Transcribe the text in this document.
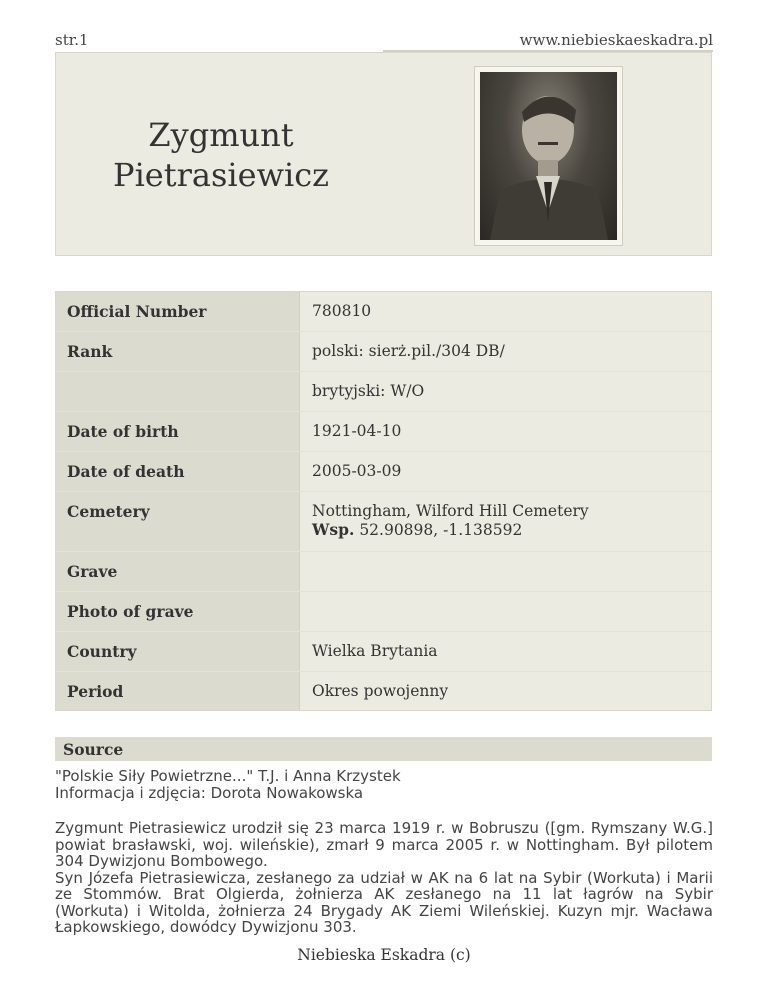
str.1	www.niebieskaeskadra.pl
Zygmunt Pietrasiewicz
Official Number	780810
Rank	polski: sierż.pil./304 DB/
brytyjski: W/O
Date of birth	1921-04-10
Date of death	2005-03-09
Cemetery	Nottingham, Wilford Hill Cemetery
Wsp. 52.90898, -1.138592
Grave
Photo of grave
Country	Wielka Brytania
Period	Okres powojenny
Source
"Polskie Siły Powietrzne..." T.J. i Anna Krzystek
Informacja i zdjęcia: Dorota Nowakowska

Zygmunt Pietrasiewicz urodził się 23 marca 1919 r. w Bobruszu ([gm. Rymszany W.G.] powiat brasławski, woj. wileńskie), zmarł 9 marca 2005 r. w Nottingham. Był pilotem 304 Dywizjonu Bombowego.

Syn Józefa Pietrasiewicza, zesłanego za udział w AK na 6 lat na Sybir (Workuta) i Marii ze Stommów. Brat Olgierda, żołnierza AK zesłanego na 11 lat łagrów na Sybir (Workuta) i Witolda, żołnierza 24 Brygady AK Ziemi Wileńskiej. Kuzyn mjr. Wacława Łapkowskiego, dowódcy Dywizjonu 303.

Niebieska Eskadra (c)
